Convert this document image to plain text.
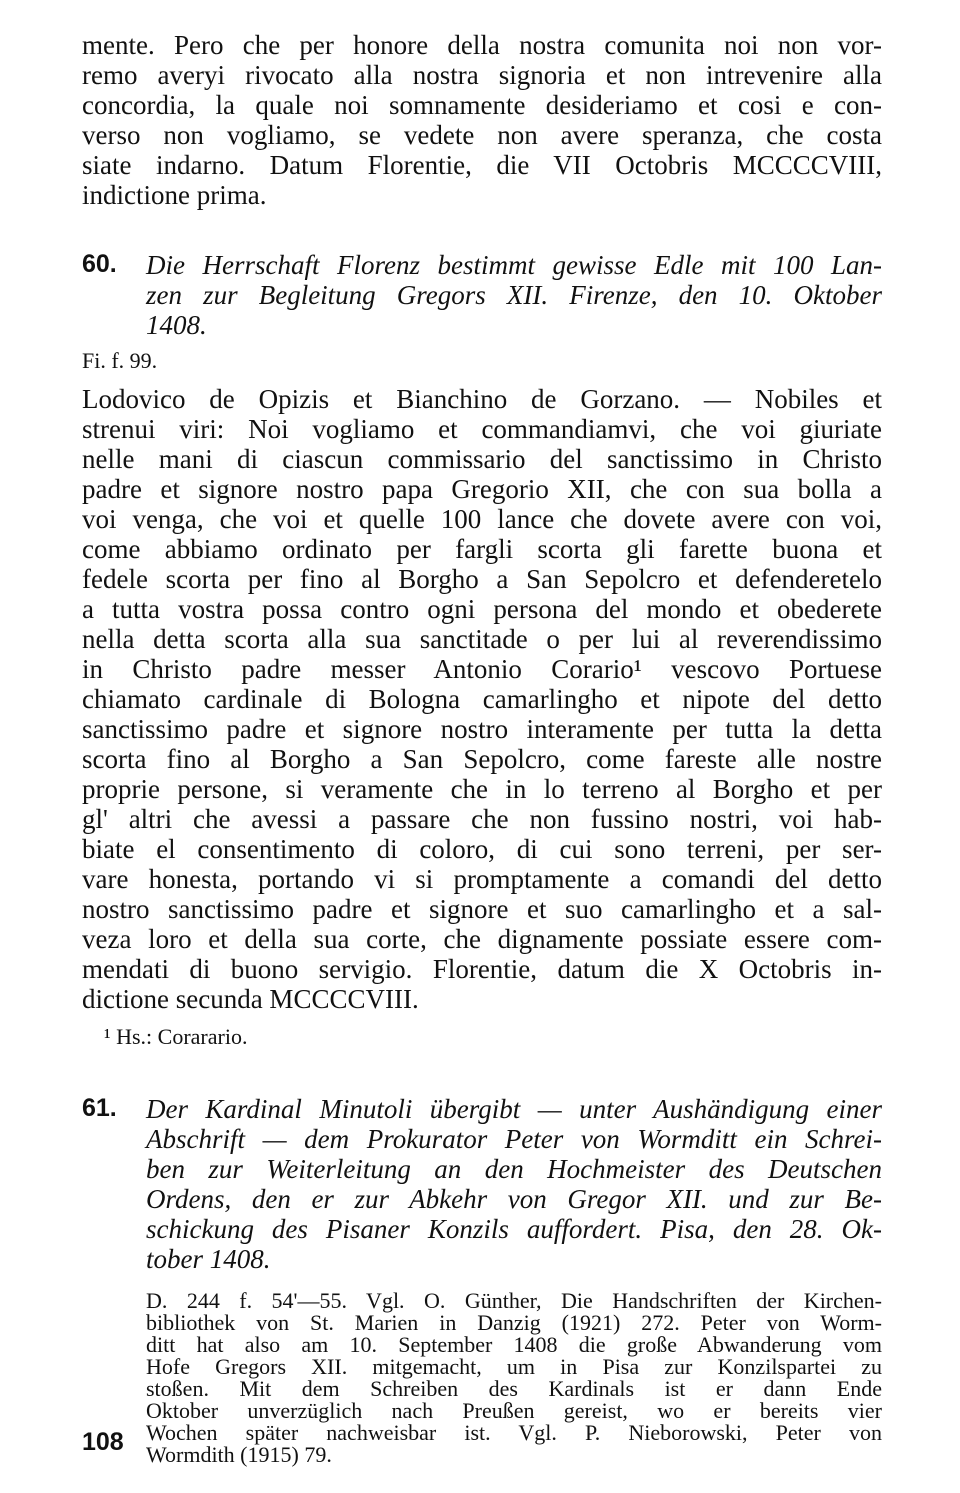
mente. Pero che per honore della nostra comunita noi non vor-
remo averyi rivocato alla nostra signoria et non intrevenire alla
concordia, la quale noi somnamente desideriamo et cosi e con-
verso non vogliamo, se vedete non avere speranza, che costa
siate indarno. Datum Florentie, die VII Octobris MCCCCVIII,
indictione prima.
60. Die Herrschaft Florenz bestimmt gewisse Edle mit 100 Lan-
zen zur Begleitung Gregors XII. Firenze, den 10. Oktober
1408.
Fi. f. 99.
Lodovico de Opizis et Bianchino de Gorzano. — Nobiles et
strenui viri: Noi vogliamo et commandiamvi, che voi giuriate
nelle mani di ciascun commissario del sanctissimo in Christo
padre et signore nostro papa Gregorio XII, che con sua bolla a
voi venga, che voi et quelle 100 lance che dovete avere con voi,
come abbiamo ordinato per fargli scorta gli farette buona et
fedele scorta per fino al Borgho a San Sepolcro et defenderetelo
a tutta vostra possa contro ogni persona del mondo et obederete
nella detta scorta alla sua sanctitade o per lui al reverendissimo
in Christo padre messer Antonio Corario¹ vescovo Portuese
chiamato cardinale di Bologna camarlingho et nipote del detto
sanctissimo padre et signore nostro interamente per tutta la detta
scorta fino al Borgho a San Sepolcro, come fareste alle nostre
proprie persone, si veramente che in lo terreno al Borgho et per
gl' altri che avessi a passare che non fussino nostri, voi hab-
biate el consentimento di coloro, di cui sono terreni, per ser-
vare honesta, portando vi si promptamente a comandi del detto
nostro sanctissimo padre et signore et suo camarlingho et a sal-
veza loro et della sua corte, che dignamente possiate essere com-
mendati di buono servigio. Florentie, datum die X Octobris in-
dictione secunda MCCCCVIII.
¹ Hs.: Corarario.
61. Der Kardinal Minutoli übergibt — unter Aushändigung einer
Abschrift — dem Prokurator Peter von Wormditt ein Schrei-
ben zur Weiterleitung an den Hochmeister des Deutschen
Ordens, den er zur Abkehr von Gregor XII. und zur Be-
schickung des Pisaner Konzils auffordert. Pisa, den 28. Ok-
tober 1408.
D. 244 f. 54'—55. Vgl. O. Günther, Die Handschriften der Kirchen-
bibliothek von St. Marien in Danzig (1921) 272. Peter von Worm-
ditt hat also am 10. September 1408 die große Abwanderung vom
Hofe Gregors XII. mitgemacht, um in Pisa zur Konzilspartei zu
stoßen. Mit dem Schreiben des Kardinals ist er dann Ende
Oktober unverzüglich nach Preußen gereist, wo er bereits vier
Wochen später nachweisbar ist. Vgl. P. Nieborowski, Peter von
Wormdith (1915) 79.
108
